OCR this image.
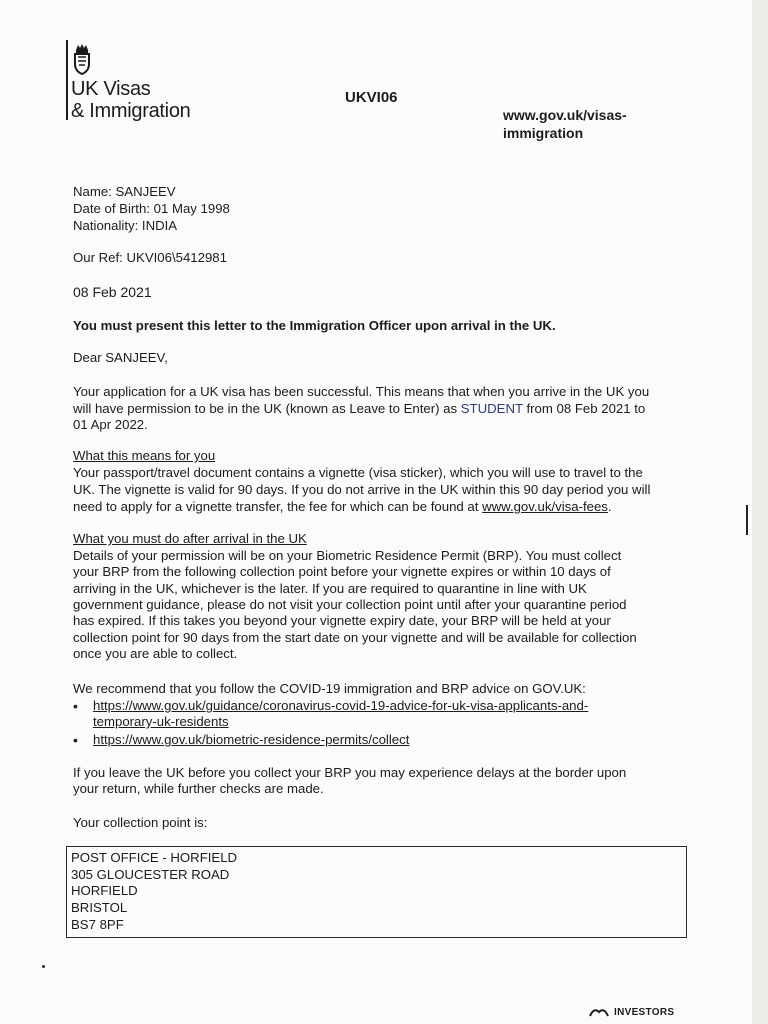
UK Visas
& Immigration
UKVI06
www.gov.uk/visas-immigration
Name: SANJEEV
Date of Birth: 01 May 1998
Nationality: INDIA
Our Ref: UKVI06\5412981
08 Feb 2021
You must present this letter to the Immigration Officer upon arrival in the UK.
Dear SANJEEV,
Your application for a UK visa has been successful. This means that when you arrive in the UK you
will have permission to be in the UK (known as Leave to Enter) as STUDENT from 08 Feb 2021 to
01 Apr 2022.
What this means for you
Your passport/travel document contains a vignette (visa sticker), which you will use to travel to the
UK. The vignette is valid for 90 days. If you do not arrive in the UK within this 90 day period you will
need to apply for a vignette transfer, the fee for which can be found at www.gov.uk/visa-fees.
What you must do after arrival in the UK
Details of your permission will be on your Biometric Residence Permit (BRP). You must collect
your BRP from the following collection point before your vignette expires or within 10 days of
arriving in the UK, whichever is the later. If you are required to quarantine in line with UK
government guidance, please do not visit your collection point until after your quarantine period
has expired. If this takes you beyond your vignette expiry date, your BRP will be held at your
collection point for 90 days from the start date on your vignette and will be available for collection
once you are able to collect.
We recommend that you follow the COVID-19 immigration and BRP advice on GOV.UK:
• https://www.gov.uk/guidance/coronavirus-covid-19-advice-for-uk-visa-applicants-and-
temporary-uk-residents
• https://www.gov.uk/biometric-residence-permits/collect
If you leave the UK before you collect your BRP you may experience delays at the border upon
your return, while further checks are made.
Your collection point is:
POST OFFICE - HORFIELD
305 GLOUCESTER ROAD
HORFIELD
BRISTOL
BS7 8PF
INVESTORS
